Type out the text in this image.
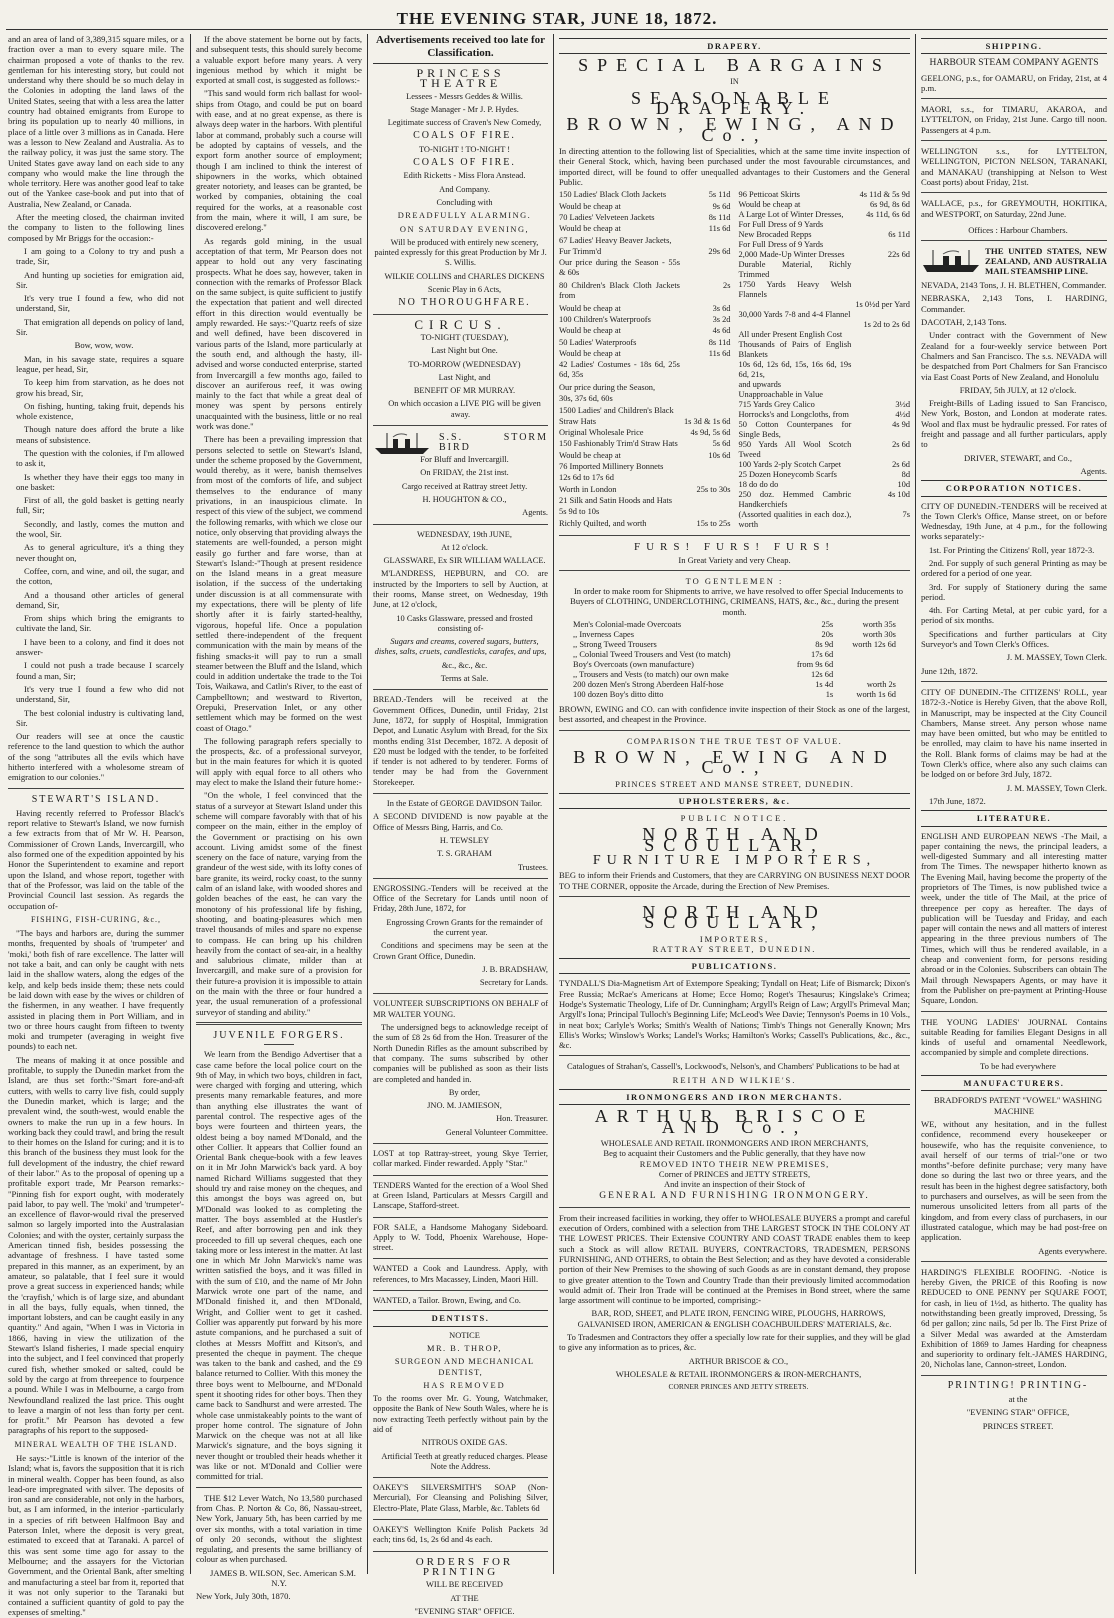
THE EVENING STAR, JUNE 18, 1872.

and an area of land of 3,389,315 square miles, or a fraction over a man to every square mile. The chairman proposed a vote of thanks to the rev. gentleman for his interesting story, but could not understand why there should be so much delay in the Colonies in adopting the land laws of the United States, seeing that with a less area the latter country had obtained emigrants from Europe to bring its population up to nearly 40 millions, in place of a little over 3 millions as in Canada. Here was a lesson to New Zealand and Australia. As to the railway policy, it was just the same story. The United States gave away land on each side to any company who would make the line through the whole territory. Here was another good leaf to take out of the Yankee case-book and put into that of Australia, New Zealand, or Canada.

After the meeting closed, the chairman invited the company to listen to the following lines composed by Mr Briggs for the occasion:-

I am going to a Colony to try and push a trade, Sir,

And hunting up societies for emigration aid, Sir.

It's very true I found a few, who did not understand, Sir,

That emigration all depends on policy of land, Sir.

Bow, wow, wow.

Man, in his savage state, requires a square league, per head, Sir,

To keep him from starvation, as he does not grow his bread, Sir,

On fishing, hunting, taking fruit, depends his whole existence,

Though nature does afford the brute a like means of subsistence.

The question with the colonies, if I'm allowed to ask it,

Is whether they have their eggs too many in one basket:

First of all, the gold basket is getting nearly full, Sir;

Secondly, and lastly, comes the mutton and the wool, Sir.

As to general agriculture, it's a thing they never thought on,

Coffee, corn, and wine, and oil, the sugar, and the cotton,

And a thousand other articles of general demand, Sir,

From ships which bring the emigrants to cultivate the land, Sir.

I have been to a colony, and find it does not answer-

I could not push a trade because I scarcely found a man, Sir;

It's very true I found a few who did not understand, Sir,

The best colonial industry is cultivating land, Sir.

Our readers will see at once the caustic reference to the land question to which the author of the song "attributes all the evils which have hitherto interfered with a wholesome stream of emigration to our colonies."

STEWART'S ISLAND.

Having recently referred to Professor Black's report relative to Stewart's Island, we now furnish a few extracts from that of Mr W. H. Pearson, Commissioner of Crown Lands, Invercargill, who also formed one of the expedition appointed by his Honor the Superintendent to examine and report upon the Island, and whose report, together with that of the Professor, was laid on the table of the Provincial Council last session. As regards the occupation of-

FISHING, FISH-CURING, &c.,

"The bays and harbors are, during the summer months, frequented by shoals of 'trumpeter' and 'moki,' both fish of rare excellence. The latter will not take a bait, and can only be caught with nets laid in the shallow waters, along the edges of the kelp, and kelp beds inside them; these nets could be laid down with ease by the wives or children of the fishermen, in any weather. I have frequently assisted in placing them in Port William, and in two or three hours caught from fifteen to twenty moki and trumpeter (averaging in weight five pounds) to each net.

The means of making it at once possible and profitable, to supply the Dunedin market from the Island, are thus set forth:-"Smart fore-and-aft cutters, with wells to carry live fish, could supply the Dunedin market, which is large; and the prevalent wind, the south-west, would enable the owners to make the run up in a few hours. In working back they could trawl, and bring the result to their homes on the Island for curing; and it is to this branch of the business they must look for the full development of the industry, the chief reward of their labor." As to the proposal of opening up a profitable export trade, Mr Pearson remarks:-"Pinning fish for export ought, with moderately paid labor, to pay well. The 'moki' and 'trumpeter'-an excellence of flavor-would rival the preserved salmon so largely imported into the Australasian Colonies; and with the oyster, certainly surpass the American tinned fish, besides possessing the advantage of freshness. I have tasted some prepared in this manner, as an experiment, by an amateur, so palatable, that I feel sure it would prove a great success in experienced hands; while the 'crayfish,' which is of large size, and abundant in all the bays, fully equals, when tinned, the important lobsters, and can be caught easily in any quantity." And again, "When I was in Victoria in 1866, having in view the utilization of the Stewart's Island fisheries, I made special enquiry into the subject, and I feel convinced that properly cured fish, whether smoked or salted, could be sold by the cargo at from threepence to fourpence a pound. While I was in Melbourne, a cargo from Newfoundland realized the last price. This ought to leave a margin of not less than forty per cent. for profit." Mr Pearson has devoted a few paragraphs of his report to the supposed-

MINERAL WEALTH OF THE ISLAND.

He says:-"Little is known of the interior of the Island; what is, favors the supposition that it is rich in mineral wealth. Copper has been found, as also lead-ore impregnated with silver. The deposits of iron sand are considerable, not only in the harbors, but, as I am informed, in the interior -particularly in a species of rift between Halfmoon Bay and Paterson Inlet, where the deposit is very great, estimated to exceed that at Taranaki. A parcel of this was sent some time ago for assay to the Melbourne; and the assayers for the Victorian Government, and the Oriental Bank, after smelting and manufacturing a steel bar from it, reported that it was not only superior to the Taranaki but contained a sufficient quantity of gold to pay the expenses of smelting."

If the above statement be borne out by facts, and subsequent tests, this should surely become a valuable export before many years. A very ingenious method by which it might be exported at small cost, is suggested as follows:-

"This sand would form rich ballast for wool-ships from Otago, and could be put on board with ease, and at no great expense, as there is always deep water in the harbors. With plentiful labor at command, probably such a course will be adopted by captains of vessels, and the export form another source of employment; though I am inclined to think the interest of shipowners in the works, which obtained greater notoriety, and leases can be granted, be worked by companies, obtaining the coal required for the works, at a reasonable cost from the main, where it will, I am sure, be discovered erelong."

As regards gold mining, in the usual acceptation of that term, Mr Pearson does not appear to hold out any very fascinating prospects. What he does say, however, taken in connection with the remarks of Professor Black on the same subject, is quite sufficient to justify the expectation that patient and well directed effort in this direction would eventually be amply rewarded. He says:-"Quartz reefs of size and well defined, have been discovered in various parts of the Island, more particularly at the south end, and although the hasty, ill-advised and worse conducted enterprise, started from Invercargill a few months ago, failed to discover an auriferous reef, it was owing mainly to the fact that while a great deal of money was spent by persons entirely unacquainted with the business, little or no real work was done."

There has been a prevailing impression that persons selected to settle on Stewart's Island, under the scheme proposed by the Government, would thereby, as it were, banish themselves from most of the comforts of life, and subject themselves to the endurance of many privations, in an inauspicious climate. In respect of this view of the subject, we commend the following remarks, with which we close our notice, only observing that providing always the statements are well-founded, a person might easily go further and fare worse, than at Stewart's Island:-"Though at present residence on the Island means in a great measure isolation, if the success of the undertaking under discussion is at all commensurate with my expectations, there will be plenty of life shortly after it is fairly started-healthy, vigorous, hopeful life. Once a population settled there-independent of the frequent communication with the main by means of the fishing smacks-it will pay to run a small steamer between the Bluff and the Island, which could in addition undertake the trade to the Toi Tois, Waikawa, and Catlin's River, to the east of Campbelltown; and westward to Riverton, Orepuki, Preservation Inlet, or any other settlement which may be formed on the west coast of Otago."

The following paragraph refers specially to the prospects, &c. of a professional surveyor, but in the main features for which it is quoted will apply with equal force to all others who may elect to make the Island their future home:-

"On the whole, I feel convinced that the status of a surveyor at Stewart Island under this scheme will compare favorably with that of his compeer on the main, either in the employ of the Government or practising on his own account. Living amidst some of the finest scenery on the face of nature, varying from the grandeur of the west side, with its lofty cones of bare granite, its weird, rocky coast, to the sunny calm of an island lake, with wooded shores and golden beaches of the east, he can vary the monotony of his professional life by fishing, shooting, and boating-pleasures which men travel thousands of miles and spare no expense to compass. He can bring up his children heavily from the contact of sea-air, in a healthy and salubrious climate, milder than at Invercargill, and make sure of a provision for their future-a provision it is impossible to attain on the main with the three or four hundred a year, the usual remuneration of a professional surveyor of standing and ability."

JUVENILE FORGERS.

We learn from the Bendigo Advertiser that a case came before the local police court on the 9th of May, in which two boys, children in fact, were charged with forging and uttering, which presents many remarkable features, and more than anything else illustrates the want of parental control. The respective ages of the boys were fourteen and thirteen years, the oldest being a boy named M'Donald, and the other Collier. It appears that Collier found an Oriental Bank cheque-book with a few leaves on it in Mr John Marwick's back yard. A boy named Richard Williams suggested that they should try and raise money on the cheques, and this amongst the boys was agreed on, but M'Donald was looked to as completing the matter. The boys assembled at the Hustler's Reef, and after borrowing pen and ink they proceeded to fill up several cheques, each one taking more or less interest in the matter. At last one in which Mr John Marwick's name was written satisfied the boys, and it was filled in with the sum of £10, and the name of Mr John Marwick wrote one part of the name, and M'Donald finished it, and then M'Donald, Wright, and Collier went to get it cashed. Collier was apparently put forward by his more astute companions, and he purchased a suit of clothes at Messrs Moffitt and Kitson's, and presented the cheque in payment. The cheque was taken to the bank and cashed, and the £9 balance returned to Collier. With this money the three boys went to Melbourne, and M'Donald spent it shooting rides for other boys. Then they came back to Sandhurst and were arrested. The whole case unmistakeably points to the want of proper home control. The signature of John Marwick on the cheque was not at all like Marwick's signature, and the boys signing it never thought or troubled their heads whether it was like or not. M'Donald and Collier were committed for trial.

THE $12 Lever Watch, No 13,580 purchased from Chas. P. Norton & Co, 86, Nassau-street, New York, January 5th, has been carried by me over six months, with a total variation in time of only 20 seconds, without the slightest regulating, and presents the same brilliancy of colour as when purchased.

JAMES B. WILSON, Sec. American S.M. N.Y.

New York, July 30th, 1870.

Advertisements received too late for Classification.
PRINCESS THEATRE

Lessees - Messrs Geddes & Willis.

Stage Manager - Mr J. P. Hydes.

Legitimate success of Craven's New Comedy,

COALS OF FIRE.

TO-NIGHT ! TO-NIGHT !

COALS OF FIRE.

Edith Ricketts - Miss Flora Anstead.

And Company.

Concluding with

DREADFULLY ALARMING.

ON SATURDAY EVENING,

Will be produced with entirely new scenery, painted expressly for this great Production by Mr J. S. Willis.

WILKIE COLLINS and CHARLES DICKENS

Scenic Play in 6 Acts,

NO THOROUGHFARE.

CIRCUS.

TO-NIGHT (TUESDAY),

Last Night but One.

TO-MORROW (WEDNESDAY)

Last Night, and

BENEFIT OF MR MURRAY.

On which occasion a LIVE PIG will be given away.

S.S. STORM BIRD

For Bluff and Invercargill.

On FRIDAY, the 21st inst.

Cargo received at Rattray street Jetty.

H. HOUGHTON & CO.,

Agents.

WEDNESDAY, 19th JUNE,

At 12 o'clock.

GLASSWARE, Ex SIR WILLIAM WALLACE.

M'LANDRESS, HEPBURN, and CO. are instructed by the Importers to sell by Auction, at their rooms, Manse street, on Wednesday, 19th June, at 12 o'clock,

10 Casks Glassware, pressed and frosted consisting of-

Sugars and creams, covered sugars, butters, dishes, salts, cruets, candlesticks, carafes, and ups,

&c., &c., &c.

Terms at Sale.

BREAD.-Tenders will be received at the Government Offices, Dunedin, until Friday, 21st June, 1872, for supply of Hospital, Immigration Depot, and Lunatic Asylum with Bread, for the Six months ending 31st December, 1872. A deposit of £20 must be lodged with the tender, to be forfeited if tender is not adhered to by tenderer. Forms of tender may be had from the Government Storekeeper.

In the Estate of GEORGE DAVIDSON Tailor.

A SECOND DIVIDEND is now payable at the Office of Messrs Bing, Harris, and Co.

H. TEWSLEY

T. S. GRAHAM

Trustees.

ENGROSSING.-Tenders will be received at the Office of the Secretary for Lands until noon of Friday, 28th June, 1872, for

Engrossing Crown Grants for the remainder of the current year.

Conditions and specimens may be seen at the Crown Grant Office, Dunedin.

J. B. BRADSHAW,

Secretary for Lands.

VOLUNTEER SUBSCRIPTIONS ON BEHALF of MR WALTER YOUNG.

The undersigned begs to acknowledge receipt of the sum of £8 2s 6d from the Hon. Treasurer of the North Dunedin Rifles as the amount subscribed by that company. The sums subscribed by other companies will be published as soon as their lists are completed and handed in.

By order,

JNO. M. JAMIESON,

Hon. Treasurer.

General Volunteer Committee.

LOST at top Rattray-street, young Skye Terrier, collar marked. Finder rewarded. Apply "Star."

TENDERS Wanted for the erection of a Wool Shed at Green Island, Particulars at Messrs Cargill and Lanscape, Stafford-street.

FOR SALE, a Handsome Mahogany Sideboard. Apply to W. Todd, Phoenix Warehouse, Hope-street.

WANTED a Cook and Laundress. Apply, with references, to Mrs Macassey, Linden, Maori Hill.

WANTED, a Tailor. Brown, Ewing, and Co.

DENTISTS.

NOTICE

MR. B. THROP,

SURGEON AND MECHANICAL DENTIST,

HAS REMOVED

To the rooms over Mr. G. Young, Watchmaker, opposite the Bank of New South Wales, where he is now extracting Teeth perfectly without pain by the aid of

NITROUS OXIDE GAS.

Artificial Teeth at greatly reduced charges. Please Note the Address.

OAKEY'S SILVERSMITH'S SOAP (Non-Mercurial), For Cleansing and Polishing Silver, Electro-Plate, Plate Glass, Marble, &c. Tablets 6d

OAKEY'S Wellington Knife Polish Packets 3d each; tins 6d, 1s, 2s 6d and 4s each.

ORDERS FOR PRINTING

WILL BE RECEIVED

AT THE

"EVENING STAR" OFFICE.

DRAPERY.
SPECIAL BARGAINS
IN
SEASONABLE DRAPERY.
BROWN, EWING, AND Co.,

In directing attention to the following list of Specialities, which at the same time invite inspection of their General Stock, which, having been purchased under the most favourable circumstances, and imported direct, will be found to offer unequalled advantages to their Customers and the General Public.

150 Ladies' Black Cloth Jackets	5s 11d
Would be cheap at	9s 6d
70 Ladies' Velveteen Jackets	8s 11d
Would be cheap at	11s 6d
67 Ladies' Heavy Beaver Jackets,	
Fur Trimm'd	29s 6d
Our price during the Season - 55s & 60s	
80 Children's Black Cloth Jackets from	2s
Would be cheap at	3s 6d
100 Children's Waterproofs	3s 2d
Would be cheap at	4s 6d
50 Ladies' Waterproofs	8s 11d
Would be cheap at	11s 6d
42 Ladies' Costumes - 18s 6d, 25s 6d, 35s	
Our price during the Season,	
30s, 37s 6d, 60s	
1500 Ladies' and Children's Black	
Straw Hats	1s 3d & 1s 6d
Original Wholesale Price	4s 9d, 5s 6d
150 Fashionably Trim'd Straw Hats	5s 6d
Would be cheap at	10s 6d
76 Imported Millinery Bonnets	
12s 6d to 17s 6d	
Worth in London	25s to 30s
21 Silk and Satin Hoods and Hats	
5s 9d to 10s	
Richly Quilted, and worth	15s to 25s
96 Petticoat Skirts	4s 11d & 5s 9d
Would be cheap at	6s 9d, 8s 6d
A Large Lot of Winter Dresses,	4s 11d, 6s 6d
For Full Dress of 9 Yards	
New Brocaded Repps	6s 11d
For Full Dress of 9 Yards	
2,000 Made-Up Winter Dresses	22s 6d
Durable Material, Richly Trimmed	
1750 Yards Heavy Welsh Flannels	
	1s 0½d per Yard
30,000 Yards 7-8 and 4-4 Flannel	
	1s 2d to 2s 6d
All under Present English Cost	
Thousands of Pairs of English Blankets	
10s 6d, 12s 6d, 15s, 16s 6d, 19s 6d, 21s,	
and upwards	
Unapproachable in Value	
715 Yards Grey Calico	3½d
Horrocks's and Longcloths, from	4½d
50 Cotton Counterpanes for Single Beds,	4s 9d
950 Yards All Wool Scotch Tweed	2s 6d
100 Yards 2-ply Scotch Carpet	2s 6d
25 Dozen Honeycomb Scarfs	8d
18 do do do	10d
250 doz. Hemmed Cambric Handkerchiefs	4s 10d
(Assorted qualities in each doz.), worth	7s
FURS! FURS! FURS!
In Great Variety and very Cheap.
TO GENTLEMEN :

In order to make room for Shipments to arrive, we have resolved to offer Special Inducements to Buyers of CLOTHING, UNDERCLOTHING, CRIMEANS, HATS, &c., &c., during the present month.

Men's Colonial-made Overcoats	25s	worth 35s
,, Inverness Capes	20s	worth 30s
,, Strong Tweed Trousers	8s 9d	worth 12s 6d
,, Colonial Tweed Trousers and Vest (to match)	17s 6d	
Boy's Overcoats (own manufacture)	from 9s 6d	
,, Trousers and Vests (to match) our own make	12s 6d	
200 dozen Men's Strong Aberdeen Half-hose	1s 4d	worth 2s
100 dozen Boy's ditto ditto	1s	worth 1s 6d

BROWN, EWING and CO. can with confidence invite inspection of their Stock as one of the largest, best assorted, and cheapest in the Province.

COMPARISON THE TRUE TEST OF VALUE.
BROWN, EWING AND Co.,
PRINCES STREET AND MANSE STREET, DUNEDIN.
UPHOLSTERERS, &c.
PUBLIC NOTICE.
NORTH AND SCOULLAR,
FURNITURE IMPORTERS,

BEG to inform their Friends and Customers, that they are CARRYING ON BUSINESS NEXT DOOR TO THE CORNER, opposite the Arcade, during the Erection of New Premises.

NORTH AND SCOULLAR,
IMPORTERS,
RATTRAY STREET, DUNEDIN.
PUBLICATIONS.

TYNDALL'S Dia-Magnetism Art of Extempore Speaking; Tyndall on Heat; Life of Bismarck; Dixon's Free Russia; McRae's Americans at Home; Ecce Homo; Roget's Thesaurus; Kingslake's Crimea; Hodge's Systematic Theology, Life of Dr. Cunningham; Argyll's Reign of Law; Argyll's Primeval Man; Argyll's Iona; Principal Tulloch's Beginning Life; McLeod's Wee Davie; Tennyson's Poems in 10 Vols., in neat box; Carlyle's Works; Smith's Wealth of Nations; Timb's Things not Generally Known; Mrs Ellis's Works; Winslow's Works; Landel's Works; Hamilton's Works; Cassell's Publications, &c., &c., &c.

Catalogues of Strahan's, Cassell's, Lockwood's, Nelson's, and Chambers' Publications to be had at

REITH AND WILKIE'S.
IRONMONGERS AND IRON MERCHANTS.
ARTHUR BRISCOE AND Co.,
WHOLESALE AND RETAIL IRONMONGERS AND IRON MERCHANTS,
Beg to acquaint their Customers and the Public generally, that they have now
REMOVED INTO THEIR NEW PREMISES,
Corner of PRINCES and JETTY STREETS,
And invite an inspection of their Stock of
GENERAL AND FURNISHING IRONMONGERY.

From their increased facilities in working, they offer to WHOLESALE BUYERS a prompt and careful execution of Orders, combined with a selection from THE LARGEST STOCK IN THE COLONY AT THE LOWEST PRICES. Their Extensive COUNTRY AND COAST TRADE enables them to keep such a Stock as will allow RETAIL BUYERS, CONTRACTORS, TRADESMEN, PERSONS FURNISHING, AND OTHERS, to obtain the Best Selection; and as they have devoted a considerable portion of their New Premises to the showing of such Goods as are in constant demand, they propose to give greater attention to the Town and Country Trade than their previously limited accommodation would admit of. Their Iron Trade will be continued at the Premises in Bond street, where the same large assortment will continue to be imported, comprising:-

BAR, ROD, SHEET, and PLATE IRON, FENCING WIRE, PLOUGHS, HARROWS, GALVANISED IRON, AMERICAN & ENGLISH COACHBUILDERS' MATERIALS, &c.

To Tradesmen and Contractors they offer a specially low rate for their supplies, and they will be glad to give any information as to prices, &c.

ARTHUR BRISCOE & CO.,

WHOLESALE & RETAIL IRONMONGERS & IRON-MERCHANTS,

CORNER PRINCES AND JETTY STREETS.

SHIPPING.
HARBOUR STEAM COMPANY AGENTS

GEELONG, p.s., for OAMARU, on Friday, 21st, at 4 p.m.

MAORI, s.s., for TIMARU, AKAROA, and LYTTELTON, on Friday, 21st June. Cargo till noon. Passengers at 4 p.m.

WELLINGTON s.s., for LYTTELTON, WELLINGTON, PICTON NELSON, TARANAKI, and MANAKAU (transhipping at Nelson to West Coast ports) about Friday, 21st.

WALLACE, p.s., for GREYMOUTH, HOKITIKA, and WESTPORT, on Saturday, 22nd June.

Offices : Harbour Chambers.

THE UNITED STATES, NEW ZEALAND, AND AUSTRALIA MAIL STEAMSHIP LINE.

NEVADA, 2143 Tons, J. H. BLETHEN, Commander.

NEBRASKA, 2,143 Tons, I. HARDING, Commander.

DACOTAH, 2,143 Tons.

Under contract with the Government of New Zealand for a four-weekly service between Port Chalmers and San Francisco. The s.s. NEVADA will be despatched from Port Chalmers for San Francisco via East Coast Ports of New Zealand, and Honolulu

FRIDAY, 5th JULY, at 12 o'clock.

Freight-Bills of Lading issued to San Francisco, New York, Boston, and London at moderate rates. Wool and flax must be hydraulic pressed. For rates of freight and passage and all further particulars, apply to

DRIVER, STEWART, and Co.,

Agents.

CORPORATION NOTICES.

CITY OF DUNEDIN.-TENDERS will be received at the Town Clerk's Office, Manse street, on or before Wednesday, 19th June, at 4 p.m., for the following works separately:-

1st. For Printing the Citizens' Roll, year 1872-3.

2nd. For supply of such general Printing as may be ordered for a period of one year.

3rd. For supply of Stationery during the same period.

4th. For Carting Metal, at per cubic yard, for a period of six months.

Specifications and further particulars at City Surveyor's and Town Clerk's Offices.

J. M. MASSEY, Town Clerk.

June 12th, 1872.

CITY OF DUNEDIN.-The CITIZENS' ROLL, year 1872-3.-Notice is Hereby Given, that the above Roll, in Manuscript, may be inspected at the City Council Chambers, Manse street. Any person whose name may have been omitted, but who may be entitled to be enrolled, may claim to have his name inserted in the Roll. Blank forms of claims may be had at the Town Clerk's office, where also any such claims can be lodged on or before 3rd July, 1872.

J. M. MASSEY, Town Clerk.

17th June, 1872.

LITERATURE.

ENGLISH AND EUROPEAN NEWS -The Mail, a paper containing the news, the principal leaders, a well-digested Summary and all interesting matter from The Times. The newspaper hitherto known as The Evening Mail, having become the property of the proprietors of The Times, is now published twice a week, under the title of The Mail, at the price of threepence per copy as hereafter. The days of publication will be Tuesday and Friday, and each paper will contain the news and all matters of interest appearing in the three previous numbers of The Times, which will thus be rendered available, in a cheap and convenient form, for persons residing abroad or in the Colonies. Subscribers can obtain The Mail through Newspapers Agents, or may have it from the Publisher on pre-payment at Printing-House Square, London.

THE YOUNG LADIES' JOURNAL Contains suitable Reading for families Elegant Designs in all kinds of useful and ornamental Needlework, accompanied by simple and complete directions.

To be had everywhere

MANUFACTURERS.

BRADFORD'S PATENT "VOWEL" WASHING MACHINE

WE, without any hesitation, and in the fullest confidence, recommend every housekeeper or housewife, who has the requisite convenience, to avail herself of our terms of trial-"one or two months"-before definite purchase; very many have done so during the last two or three years, and the result has been in the highest degree satisfactory, both to purchasers and ourselves, as will be seen from the numerous unsolicited letters from all parts of the kingdom, and from every class of purchasers, in our illustrated catalogue, which may be had post-free on application.

Agents everywhere.

HARDING'S FLEXIBLE ROOFING. -Notice is hereby Given, the PRICE of this Roofing is now REDUCED to ONE PENNY per SQUARE FOOT, for cash, in lieu of 1½d, as hitherto. The quality has notwithstanding been greatly improved, Dressing, 5s 6d per gallon; zinc nails, 5d per lb. The First Prize of a Silver Medal was awarded at the Amsterdam Exhibition of 1869 to James Harding for cheapness and superiority to ordinary felt.-JAMES HARDING, 20, Nicholas lane, Cannon-street, London.

PRINTING! PRINTING-

at the

"EVENING STAR" OFFICE,

PRINCES STREET.
